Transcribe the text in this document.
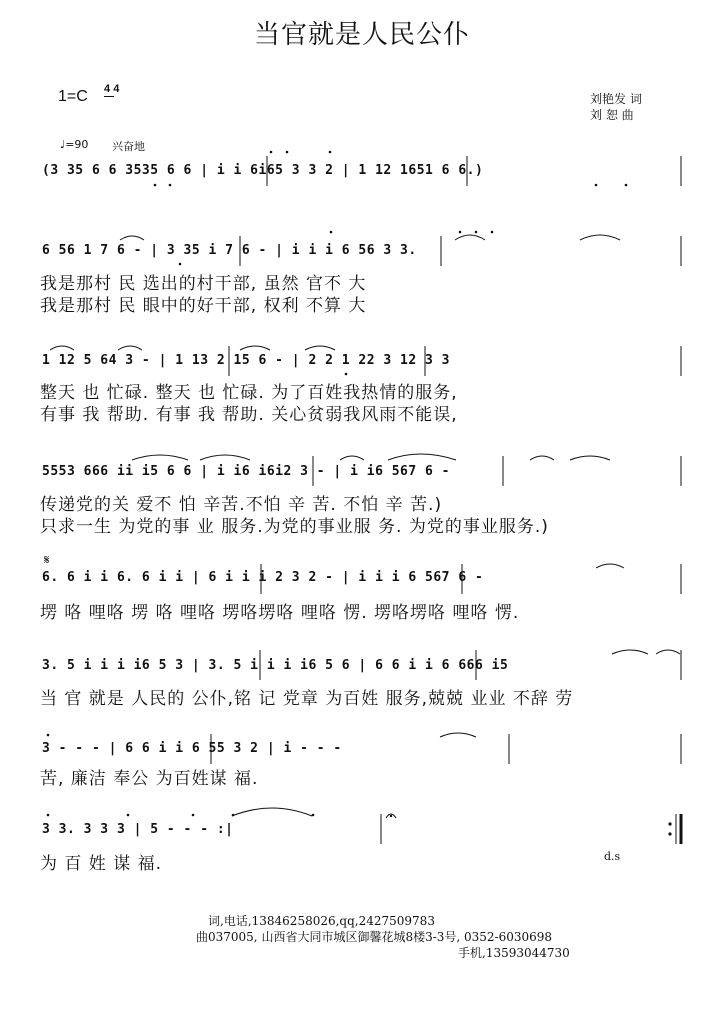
当官就是人民公仆
1=C 4 4
刘艳发 词
刘 恕 曲
♩=90 兴奋地
(3 35 6 6 3535 6 6 | i i 6i65 3 3 2 | 1 12 1651 6 6.)
6 56 1 7 6 - | 3 35 i 7 6 - | i i i 6 56 3 3.
我是那村 民 选出的村干部, 虽然 官不 大
我是那村 民 眼中的好干部, 权利 不算 大
1 12 5 64 3 - | 1 13 2 15 6 - | 2 2 1 22 3 12 3 3
整天 也 忙碌. 整天 也 忙碌. 为了百姓我热情的服务,
有事 我 帮助. 有事 我 帮助. 关心贫弱我风雨不能误,
5553 666 ii i5 6 6 | i i6 i6i2 3 - | i i6 567 6 -
传递党的关 爱不 怕 辛苦.不怕 辛 苦. 不怕 辛 苦.)
只求一生 为党的事 业 服务.为党的事业服 务. 为党的事业服务.)
𝄋
6. 6 i i 6. 6 i i | 6 i i i 2 3 2 - | i i i 6 567 6 -
塄 咯 哩咯 塄 咯 哩咯 塄咯塄咯 哩咯 愣. 塄咯塄咯 哩咯 愣.
3. 5 i i i i6 5 3 | 3. 5 i i i i6 5 6 | 6 6 i i 6 666 i5
当 官 就是 人民的 公仆,铭 记 党章 为百姓 服务,兢兢 业业 不辞 劳
3 - - - | 6 6 i i 6 55 3 2 | i - - -
苦, 廉洁 奉公 为百姓谋 福.
3 3. 3 3 3 | 5 - - - :|
为 百 姓 谋 福.	d.s
词,电话,13846258026,qq,2427509783
曲037005, 山西省大同市城区御馨花城8楼3-3号, 0352-6030698
手机,13593044730
